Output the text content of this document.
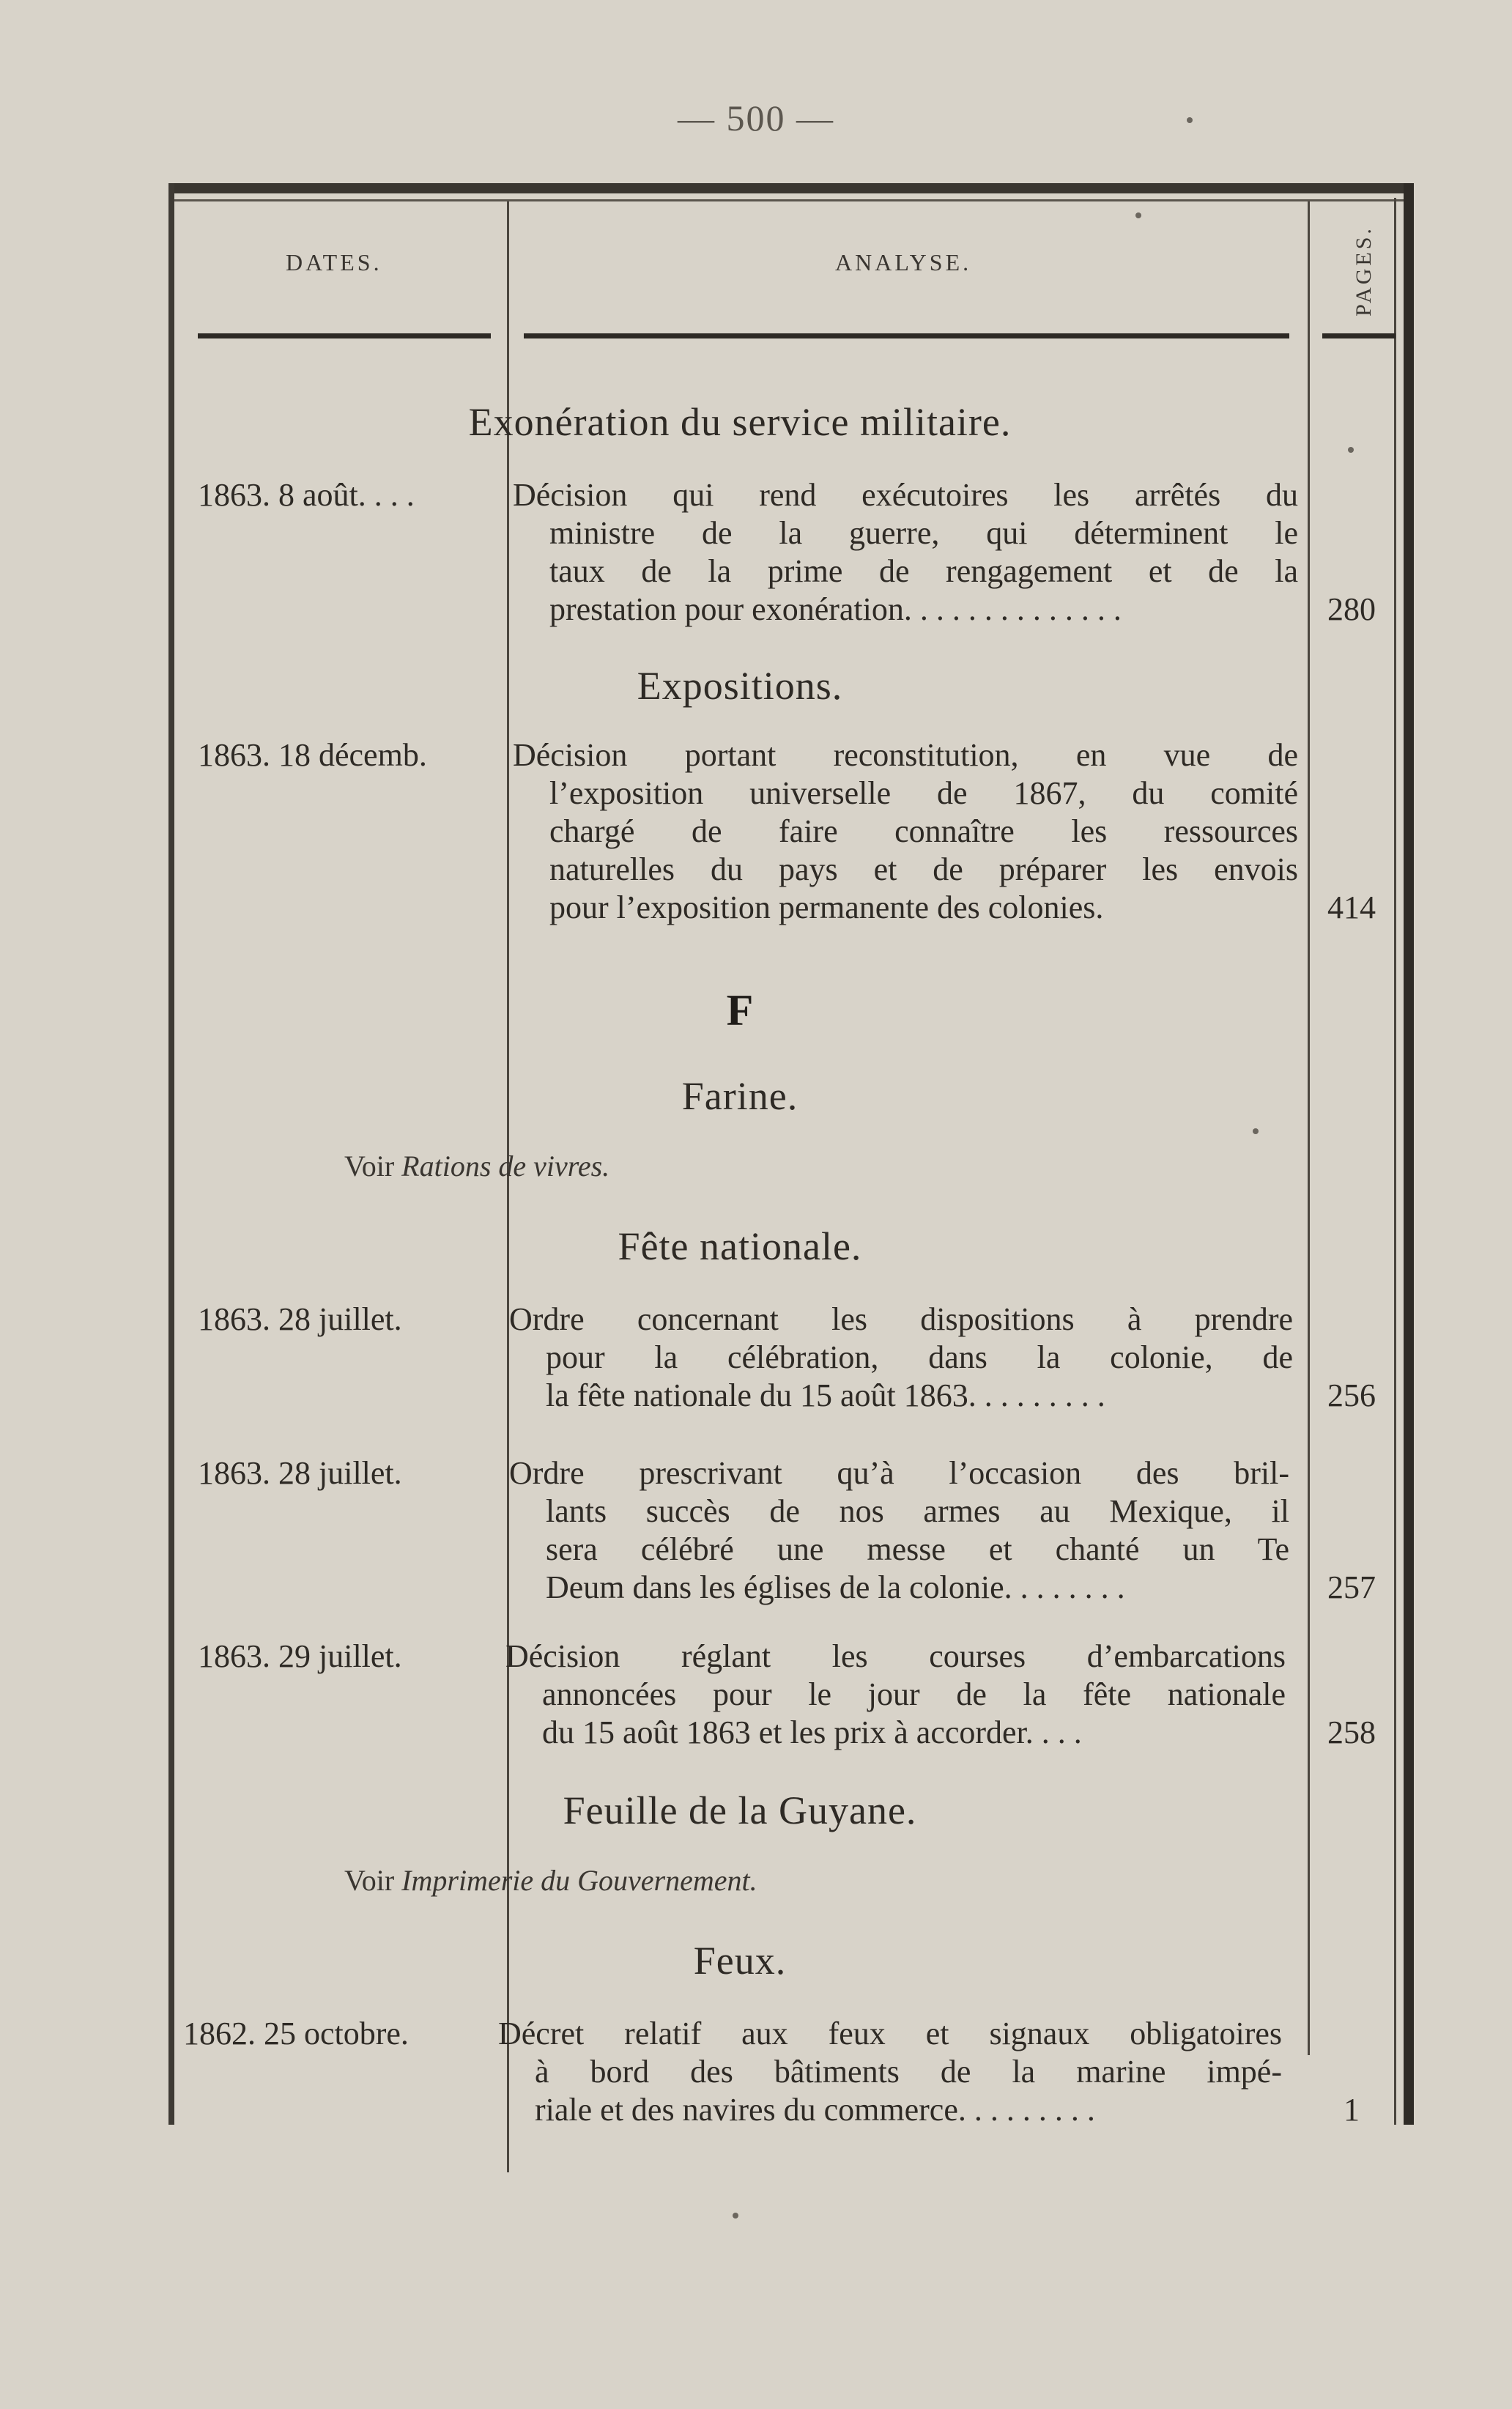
— 500 —
DATES.	ANALYSE.	PAGES.
Exonération du service militaire.
1863. 8 août. . . .	Décision qui rend exécutoires les arrêtés du
ministre de la guerre, qui déterminent le
taux de la prime de rengagement et de la
prestation pour exonération. . . . . . . . . . . . . .	280
Expositions.
1863. 18 décemb.	Décision portant reconstitution, en vue de
l’exposition universelle de 1867, du comité
chargé de faire connaître les ressources
naturelles du pays et de préparer les envois
pour l’exposition permanente des colonies.	414
F
Farine.
Voir Rations de vivres.
Fête nationale.
1863. 28 juillet.	Ordre concernant les dispositions à prendre
pour la célébration, dans la colonie, de
la fête nationale du 15 août 1863. . . . . . . . .	256
1863. 28 juillet.	Ordre prescrivant qu’à l’occasion des bril-
lants succès de nos armes au Mexique, il
sera célébré une messe et chanté un Te
Deum dans les églises de la colonie. . . . . . . .	257
1863. 29 juillet.	Décision réglant les courses d’embarcations
annoncées pour le jour de la fête nationale
du 15 août 1863 et les prix à accorder. . . .	258
Feuille de la Guyane.
Voir Imprimerie du Gouvernement.
Feux.
1862. 25 octobre.	Décret relatif aux feux et signaux obligatoires
à bord des bâtiments de la marine impé-
riale et des navires du commerce. . . . . . . . .	1
